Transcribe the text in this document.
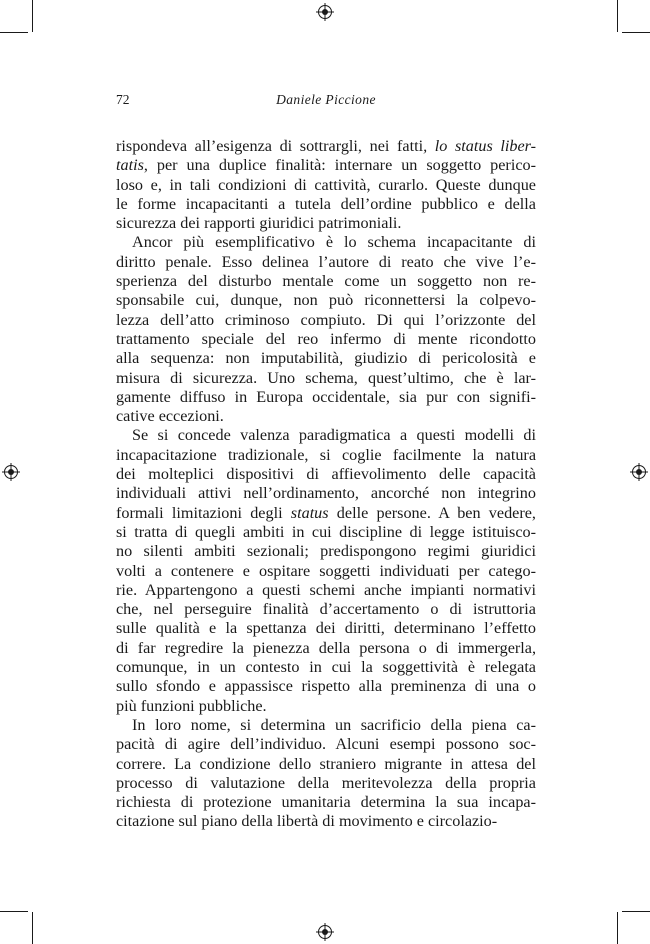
72	Daniele Piccione
rispondeva all’esigenza di sottrargli, nei fatti, lo status liber-
tatis, per una duplice finalità: internare un soggetto perico-
loso e, in tali condizioni di cattività, curarlo. Queste dunque
le forme incapacitanti a tutela dell’ordine pubblico e della
sicurezza dei rapporti giuridici patrimoniali.
Ancor più esemplificativo è lo schema incapacitante di
diritto penale. Esso delinea l’autore di reato che vive l’e-
sperienza del disturbo mentale come un soggetto non re-
sponsabile cui, dunque, non può riconnettersi la colpevo-
lezza dell’atto criminoso compiuto. Di qui l’orizzonte del
trattamento speciale del reo infermo di mente ricondotto
alla sequenza: non imputabilità, giudizio di pericolosità e
misura di sicurezza. Uno schema, quest’ultimo, che è lar-
gamente diffuso in Europa occidentale, sia pur con signifi-
cative eccezioni.
Se si concede valenza paradigmatica a questi modelli di
incapacitazione tradizionale, si coglie facilmente la natura
dei molteplici dispositivi di affievolimento delle capacità
individuali attivi nell’ordinamento, ancorché non integrino
formali limitazioni degli status delle persone. A ben vedere,
si tratta di quegli ambiti in cui discipline di legge istituisco-
no silenti ambiti sezionali; predispongono regimi giuridici
volti a contenere e ospitare soggetti individuati per catego-
rie. Appartengono a questi schemi anche impianti normativi
che, nel perseguire finalità d’accertamento o di istruttoria
sulle qualità e la spettanza dei diritti, determinano l’effetto
di far regredire la pienezza della persona o di immergerla,
comunque, in un contesto in cui la soggettività è relegata
sullo sfondo e appassisce rispetto alla preminenza di una o
più funzioni pubbliche.
In loro nome, si determina un sacrificio della piena ca-
pacità di agire dell’individuo. Alcuni esempi possono soc-
correre. La condizione dello straniero migrante in attesa del
processo di valutazione della meritevolezza della propria
richiesta di protezione umanitaria determina la sua incapa-
citazione sul piano della libertà di movimento e circolazio-
